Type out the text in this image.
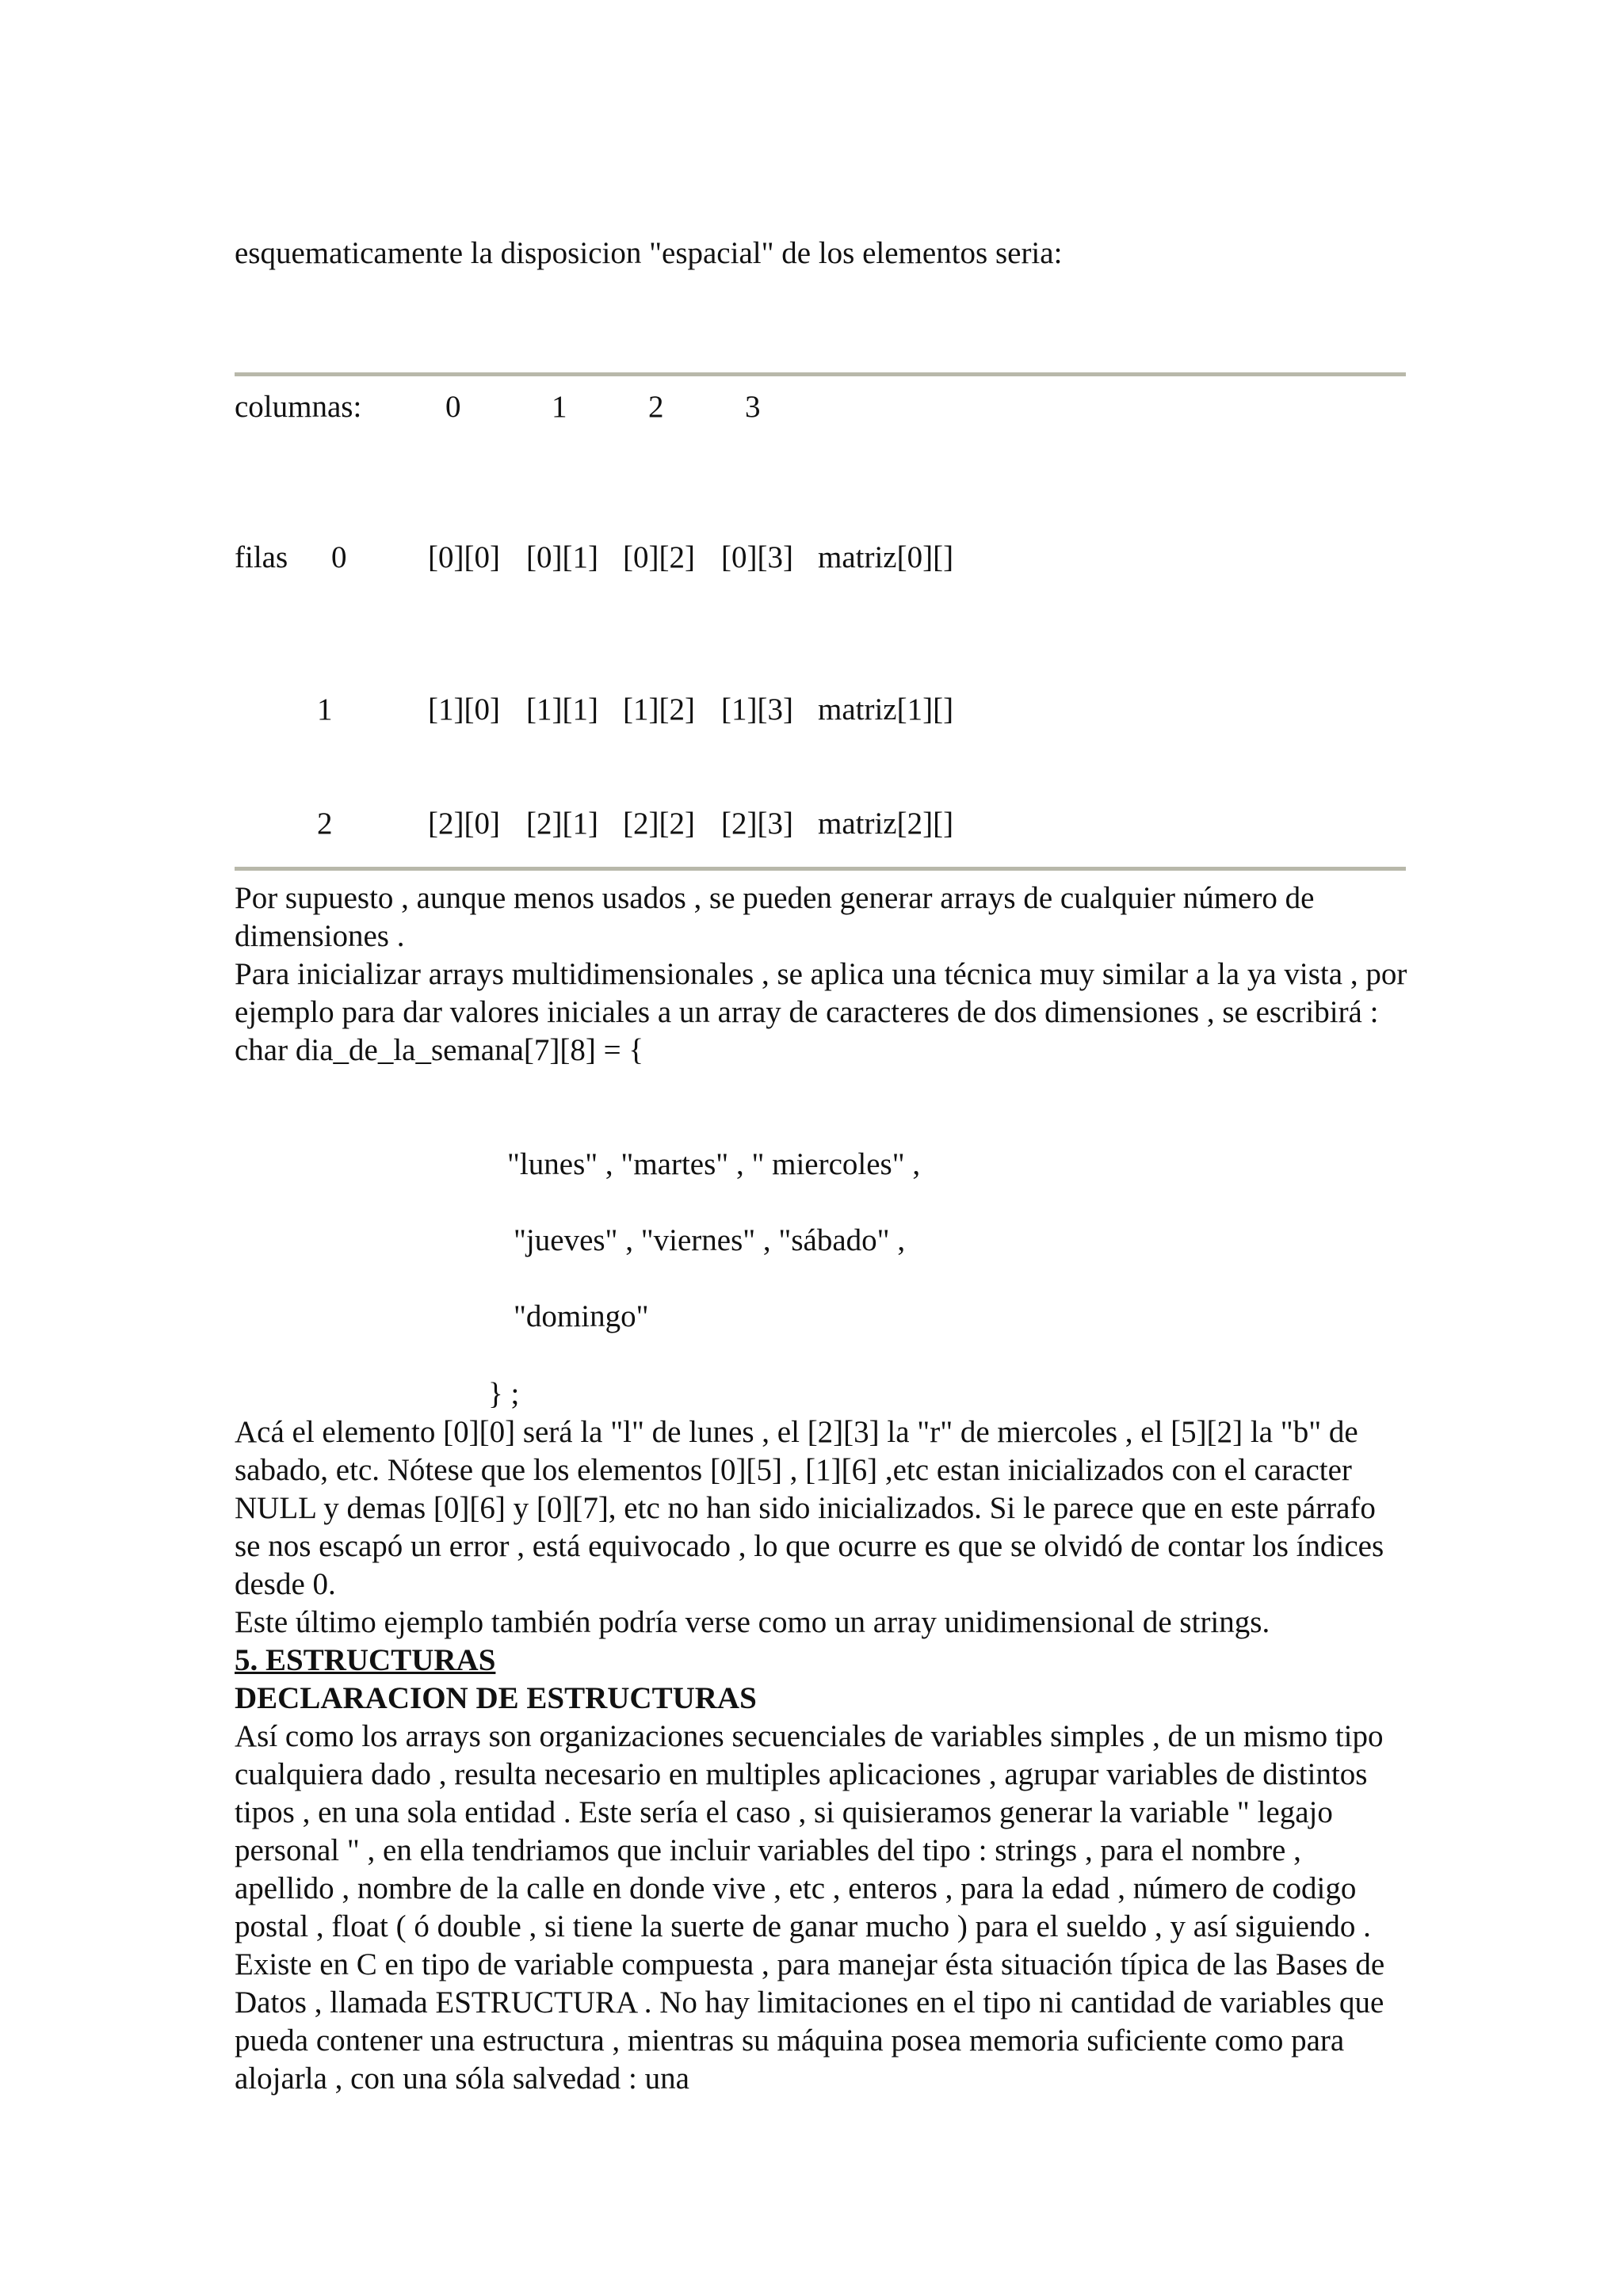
esquematicamente la disposicion "espacial" de los elementos seria:
columnas:	0	1	2	3
filas 0	[0][0] [0][1] [0][2] [0][3] matriz[0][]
1	[1][0] [1][1] [1][2] [1][3] matriz[1][]
2	[2][0] [2][1] [2][2] [2][3] matriz[2][]

Por supuesto , aunque menos usados , se pueden generar arrays de cualquier número de dimensiones .

Para inicializar arrays multidimensionales , se aplica una técnica muy similar a la ya vista , por ejemplo para dar valores iniciales a un array de caracteres de dos dimensiones , se escribirá :

char dia_de_la_semana[7][8] = {

"lunes" , "martes" , " miercoles" ,
"jueves" , "viernes" , "sábado" ,
"domingo"
} ;

Acá el elemento [0][0] será la "l" de lunes , el [2][3] la "r" de miercoles , el [5][2] la "b" de sabado, etc. Nótese que los elementos [0][5] , [1][6] ,etc estan inicializados con el caracter NULL y demas [0][6] y [0][7], etc no han sido inicializados. Si le parece que en este párrafo se nos escapó un error , está equivocado , lo que ocurre es que se olvidó de contar los índices desde 0.

Este último ejemplo también podría verse como un array unidimensional de strings.

5. ESTRUCTURAS

DECLARACION DE ESTRUCTURAS

Así como los arrays son organizaciones secuenciales de variables simples , de un mismo tipo cualquiera dado , resulta necesario en multiples aplicaciones , agrupar variables de distintos tipos , en una sola entidad . Este sería el caso , si quisieramos generar la variable " legajo personal " , en ella tendriamos que incluir variables del tipo : strings , para el nombre , apellido , nombre de la calle en donde vive , etc , enteros , para la edad , número de codigo postal , float ( ó double , si tiene la suerte de ganar mucho ) para el sueldo , y así siguiendo . Existe en C en tipo de variable compuesta , para manejar ésta situación típica de las Bases de Datos , llamada ESTRUCTURA . No hay limitaciones en el tipo ni cantidad de variables que pueda contener una estructura , mientras su máquina posea memoria suficiente como para alojarla , con una sóla salvedad : una
